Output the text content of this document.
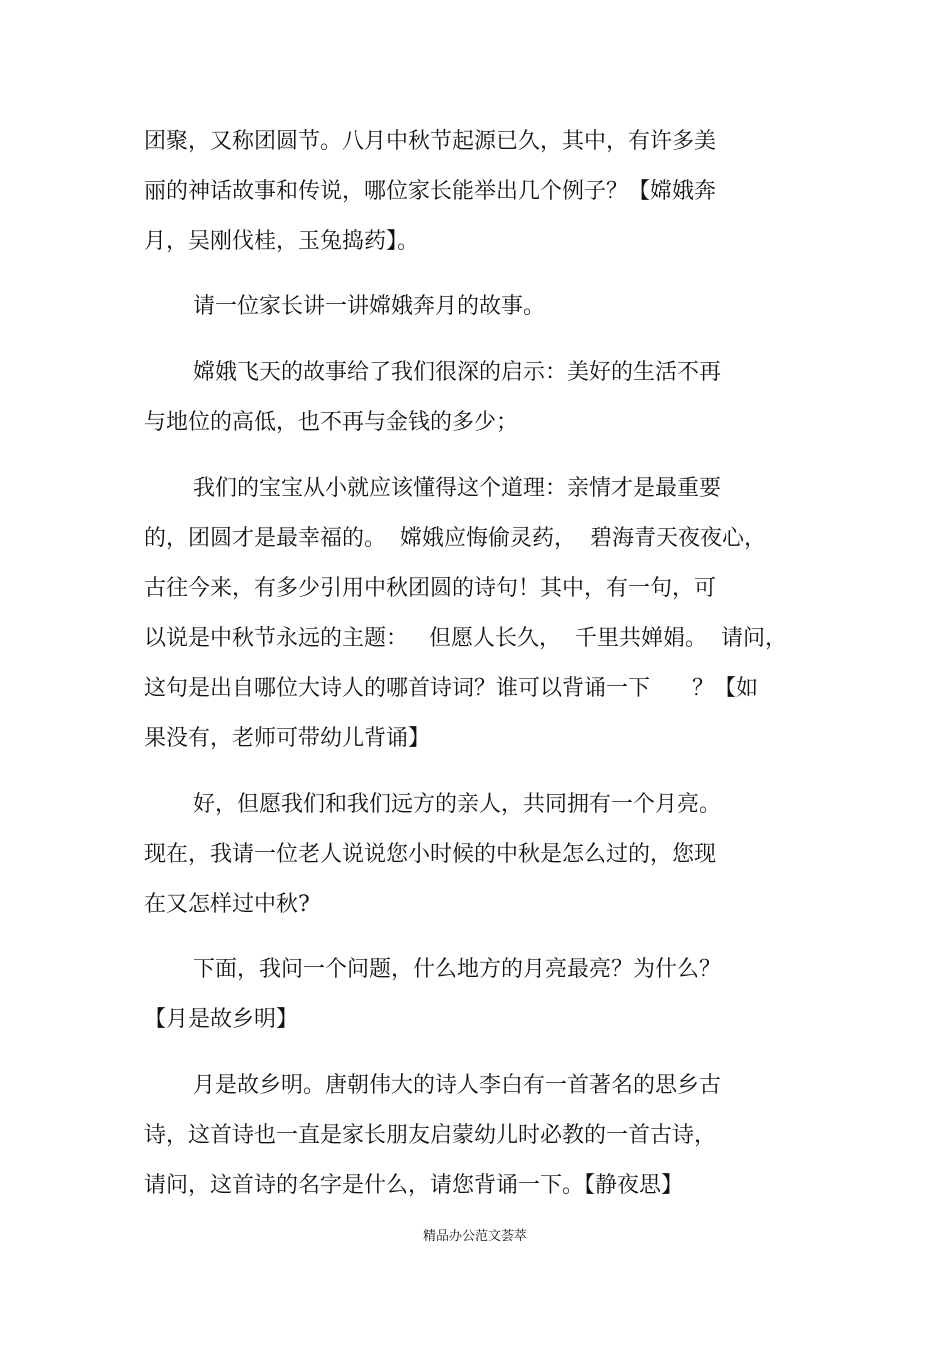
团聚，又称团圆节。八月中秋节起源已久，其中，有许多美
丽的神话故事和传说，哪位家长能举出几个例子？【嫦娥奔
月，吴刚伐桂，玉兔捣药】。
请一位家长讲一讲嫦娥奔月的故事。
嫦娥飞天的故事给了我们很深的启示：美好的生活不再
与地位的高低，也不再与金钱的多少；
我们的宝宝从小就应该懂得这个道理：亲情才是最重要
的，团圆才是最幸福的。  嫦娥应悔偷灵药，  碧海青天夜夜心，
古往今来，有多少引用中秋团圆的诗句！其中，有一句，可
以说是中秋节永远的主题：   但愿人长久，  千里共婵娟。  请问，
这句是出自哪位大诗人的哪首诗词？谁可以背诵一下      ？【如
果没有，老师可带幼儿背诵】
好，但愿我们和我们远方的亲人，共同拥有一个月亮。
现在，我请一位老人说说您小时候的中秋是怎么过的，您现
在又怎样过中秋?
下面，我问一个问题，什么地方的月亮最亮？为什么？
【月是故乡明】
月是故乡明。唐朝伟大的诗人李白有一首著名的思乡古
诗，这首诗也一直是家长朋友启蒙幼儿时必教的一首古诗，
请问，这首诗的名字是什么，请您背诵一下。【静夜思】
精品办公范文荟萃
